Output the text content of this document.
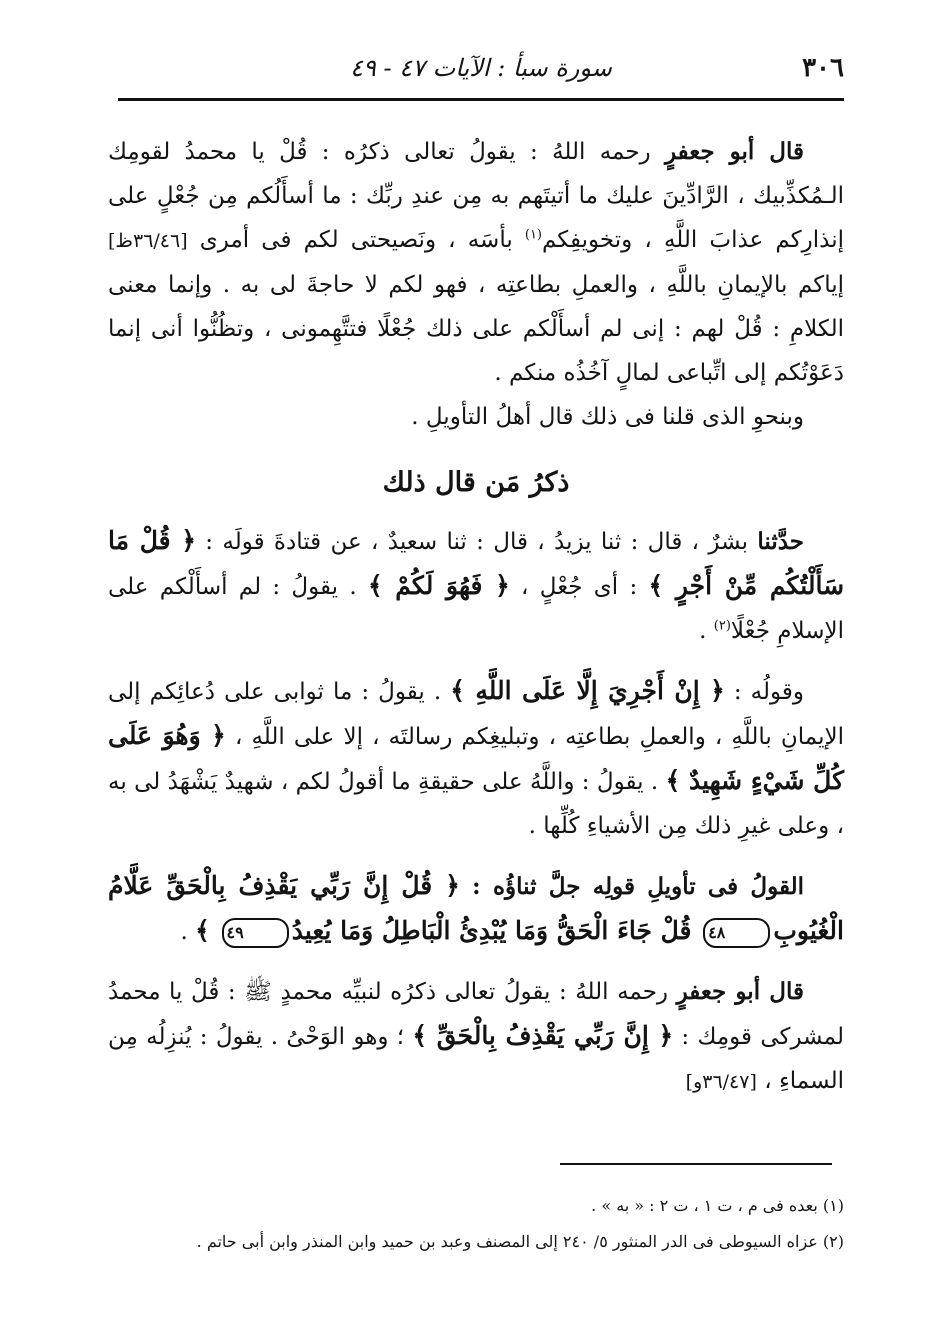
٣٠٦
سورة سبأ : الآيات ٤٧ - ٤٩

قال أبو جعفرٍ رحمه اللهُ : يقولُ تعالى ذكرُه : قُلْ يا محمدُ لقومِك الـمُكذِّبيك ، الرَّادِّينَ عليك ما أتيتَهم به مِن عندِ ربِّك : ما أسأَلُكم مِن جُعْلٍ على إنذارِكم عذابَ اللَّهِ ، وتخويفِكم$^{(١)}$ بأسَه ، ونَصيحتى لكم فى أمرى [٣٦/٤٦ظ] إياكم بالإيمانِ باللَّهِ ، والعملِ بطاعتِه ، فهو لكم لا حاجةَ لى به . وإنما معنى الكلامِ : قُلْ لهم : إنى لم أسأَلْكم على ذلك جُعْلًا فتتَّهِمونى ، وتظُنُّوا أنى إنما دَعَوْتُكم إلى اتِّباعى لمالٍ آخُذُه منكم .

وبنحوِ الذى قلنا فى ذلك قال أهلُ التأويلِ .

ذكرُ مَن قال ذلك

حدَّثنا بشرٌ ، قال : ثنا يزيدُ ، قال : ثنا سعيدٌ ، عن قتادةَ قولَه : ﴿ قُلْ مَا سَأَلْتُكُم مِّنْ أَجْرٍ ﴾ : أى جُعْلٍ ، ﴿ فَهُوَ لَكُمْ ﴾ . يقولُ : لم أسأَلْكم على الإسلامِ جُعْلًا$^{(٢)}$ .

وقولُه : ﴿ إِنْ أَجْرِيَ إِلَّا عَلَى اللَّهِ ﴾ . يقولُ : ما ثوابى على دُعائِكم إلى الإيمانِ باللَّهِ ، والعملِ بطاعتِه ، وتبليغِكم رسالتَه ، إلا على اللَّهِ ، ﴿ وَهُوَ عَلَى كُلِّ شَيْءٍ شَهِيدٌ ﴾ . يقولُ : واللَّهُ على حقيقةِ ما أقولُ لكم ، شهيدٌ يَشْهَدُ لى به ، وعلى غيرِ ذلك مِن الأشياءِ كُلِّها .

القولُ فى تأويلِ قولِه جلَّ ثناؤُه : ﴿ قُلْ إِنَّ رَبِّي يَقْذِفُ بِالْحَقِّ عَلَّامُ الْغُيُوبِ٤٨ قُلْ جَاءَ الْحَقُّ وَمَا يُبْدِئُ الْبَاطِلُ وَمَا يُعِيدُ٤٩ ﴾ .

قال أبو جعفرٍ رحمه اللهُ : يقولُ تعالى ذكرُه لنبيِّه محمدٍ ﷺ : قُلْ يا محمدُ لمشركى قومِك : ﴿ إِنَّ رَبِّي يَقْذِفُ بِالْحَقِّ ﴾ ؛ وهو الوَحْىُ . يقولُ : يُنزِلُه مِن السماءِ ، [٣٦/٤٧و]

(١) بعده فى م ، ت ١ ، ت ٢ : « به » .

(٢) عزاه السيوطى فى الدر المنثور ٥/ ٢٤٠ إلى المصنف وعبد بن حميد وابن المنذر وابن أبى حاتم .
